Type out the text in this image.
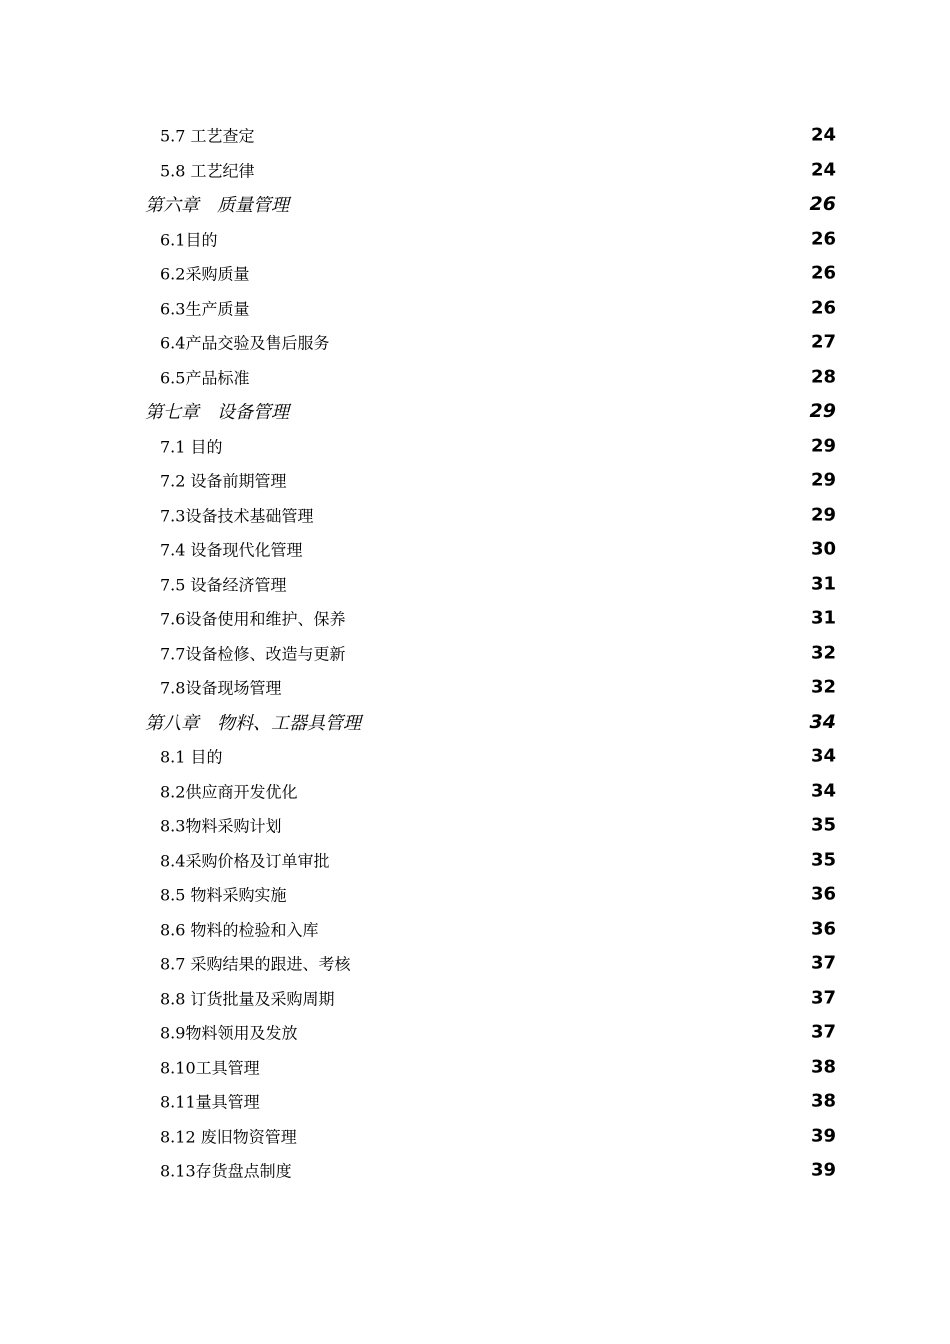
5.7 工艺查定	24
5.8 工艺纪律	24
第六章　质量管理	26
6.1目的	26
6.2采购质量	26
6.3生产质量	26
6.4产品交验及售后服务	27
6.5产品标准	28
第七章　设备管理	29
7.1 目的	29
7.2 设备前期管理	29
7.3设备技术基础管理	29
7.4 设备现代化管理	30
7.5 设备经济管理	31
7.6设备使用和维护、保养	31
7.7设备检修、改造与更新	32
7.8设备现场管理	32
第八章　物料、工器具管理	34
8.1 目的	34
8.2供应商开发优化	34
8.3物料采购计划	35
8.4采购价格及订单审批	35
8.5 物料采购实施	36
8.6 物料的检验和入库	36
8.7 采购结果的跟进、考核	37
8.8 订货批量及采购周期	37
8.9物料领用及发放	37
8.10工具管理	38
8.11量具管理	38
8.12 废旧物资管理	39
8.13存货盘点制度	39
